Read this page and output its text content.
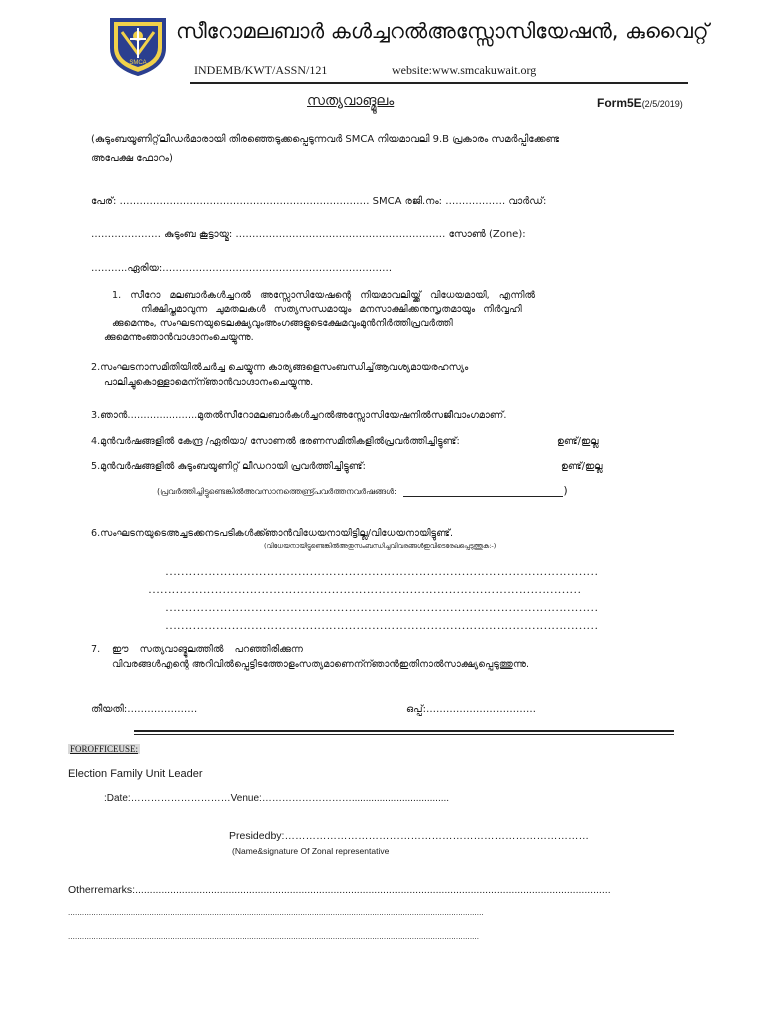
SMCA
സീറോമലബാർ കൾച്ചറൽഅസ്സോസിയേഷൻ, കുവൈറ്റ്
INDEMB/KWT/ASSN/121	website:www.smcakuwait.org
സത്യവാങ്മൂലം	Form5E(2/5/2019)
(കുടുംബയൂണിറ്റ്‌ലീഡർമാരായി തിരഞ്ഞെടുക്കപ്പെടുന്നവർ SMCA നിയമാവലി 9.B പ്രകാരം സമർപ്പിക്കേണ്ട
അപേക്ഷ ഫോറം)
പേര്: ………………………………………………………………… SMCA രജി.നം: ……………… വാർഡ്:
………………… കുടുംബ കൂട്ടായ്മ: ……………………………………………………… സോൺ (Zone):
………..ഏരിയ:……………………………………………………………
1. സീറോ മലബാർകൾച്ചറൽ അസ്സോസിയേഷന്റെ നിയമാവലിയ്ക്ക് വിധേയമായി, എന്നിൽ
നിക്ഷിപ്തമാവുന്ന ചുമതലകൾ സത്യസന്ധമായും മനസാക്ഷിക്കനുസൃതമായും നിർവ്വഹി
ക്കുമെന്നും, സംഘടനയുടെലക്ഷ്യവുംഅംഗങ്ങളുടെക്ഷേമവുംമുൻനിർത്തിപ്രവർത്തി
ക്കുമെന്നുംഞാൻവാഗ്ദാനംചെയ്യുന്നു.
2.സംഘടനാസമിതിയിൽചർച്ച ചെയ്യുന്ന കാര്യങ്ങളെസംബന്ധിച്ച്ആവശ്യമായരഹസ്യം
പാലിച്ചുകൊള്ളാമെന്ന്ഞാൻവാഗ്ദാനംചെയ്യുന്നു.
3.ഞാൻ…………..……..മുതൽസീറോമലബാർകൾച്ചറൽഅസ്സോസിയേഷനിൽസജീവാംഗമാണ്.
4.മുൻവർഷങ്ങളിൽ കേന്ദ്ര /ഏരിയാ/ സോണൽ ഭരണസമിതികളിൽപ്രവർത്തിച്ചിട്ടുണ്ട്:	ഉണ്ട്/ഇല്ല
5.മുൻവർഷങ്ങളിൽ കുടുംബയൂണിറ്റ് ലീഡറായി പ്രവർത്തിച്ചിട്ടുണ്ട്:	ഉണ്ട്/ഇല്ല
(പ്രവർത്തിച്ചിട്ടുണ്ടെങ്കിൽഅവസാനത്തെണ്ട്പ്രവർത്തനവർഷങ്ങൾ:	)
6.സംഘടനയുടെഅച്ചടക്കനടപടികൾക്ക്ഞാൻവിധേയനായിട്ടില്ല/വിധേയനായിട്ടുണ്ട്.
(വിധേയനായിട്ടുണ്ടെങ്കിൽഅതുസംബന്ധിച്ചവിവരങ്ങൾഇവിടെരേഖപ്പെടുത്തുക:-)
…………………………………………………………………………………………………
…………………………………………………………………………………………………
…………………………………………………………………………………………………
…………………………………………………………………………………………………
7. ഈ സത്യവാങ്മൂലത്തിൽ പറഞ്ഞിരിക്കുന്ന
വിവരങ്ങൾഎന്റെ അറിവിൽപ്പെട്ടിടത്തോളംസത്യമാണെന്ന്ഞാൻഇതിനാൽസാക്ഷ്യപ്പെടുത്തുന്നു.
തീയതി:…………………	ഒപ്പ്:……………………………
FOROFFICEUSE:
Election Family Unit Leader
:Date:…………………………Venue:………………………...................................
Presidedby:……………………………………………………………………………
(Name&signature Of Zonal representative
Otherremarks:...................................................................................................................................................................
...................................................................................................................................................................................
.................................................................................................................................................................................
